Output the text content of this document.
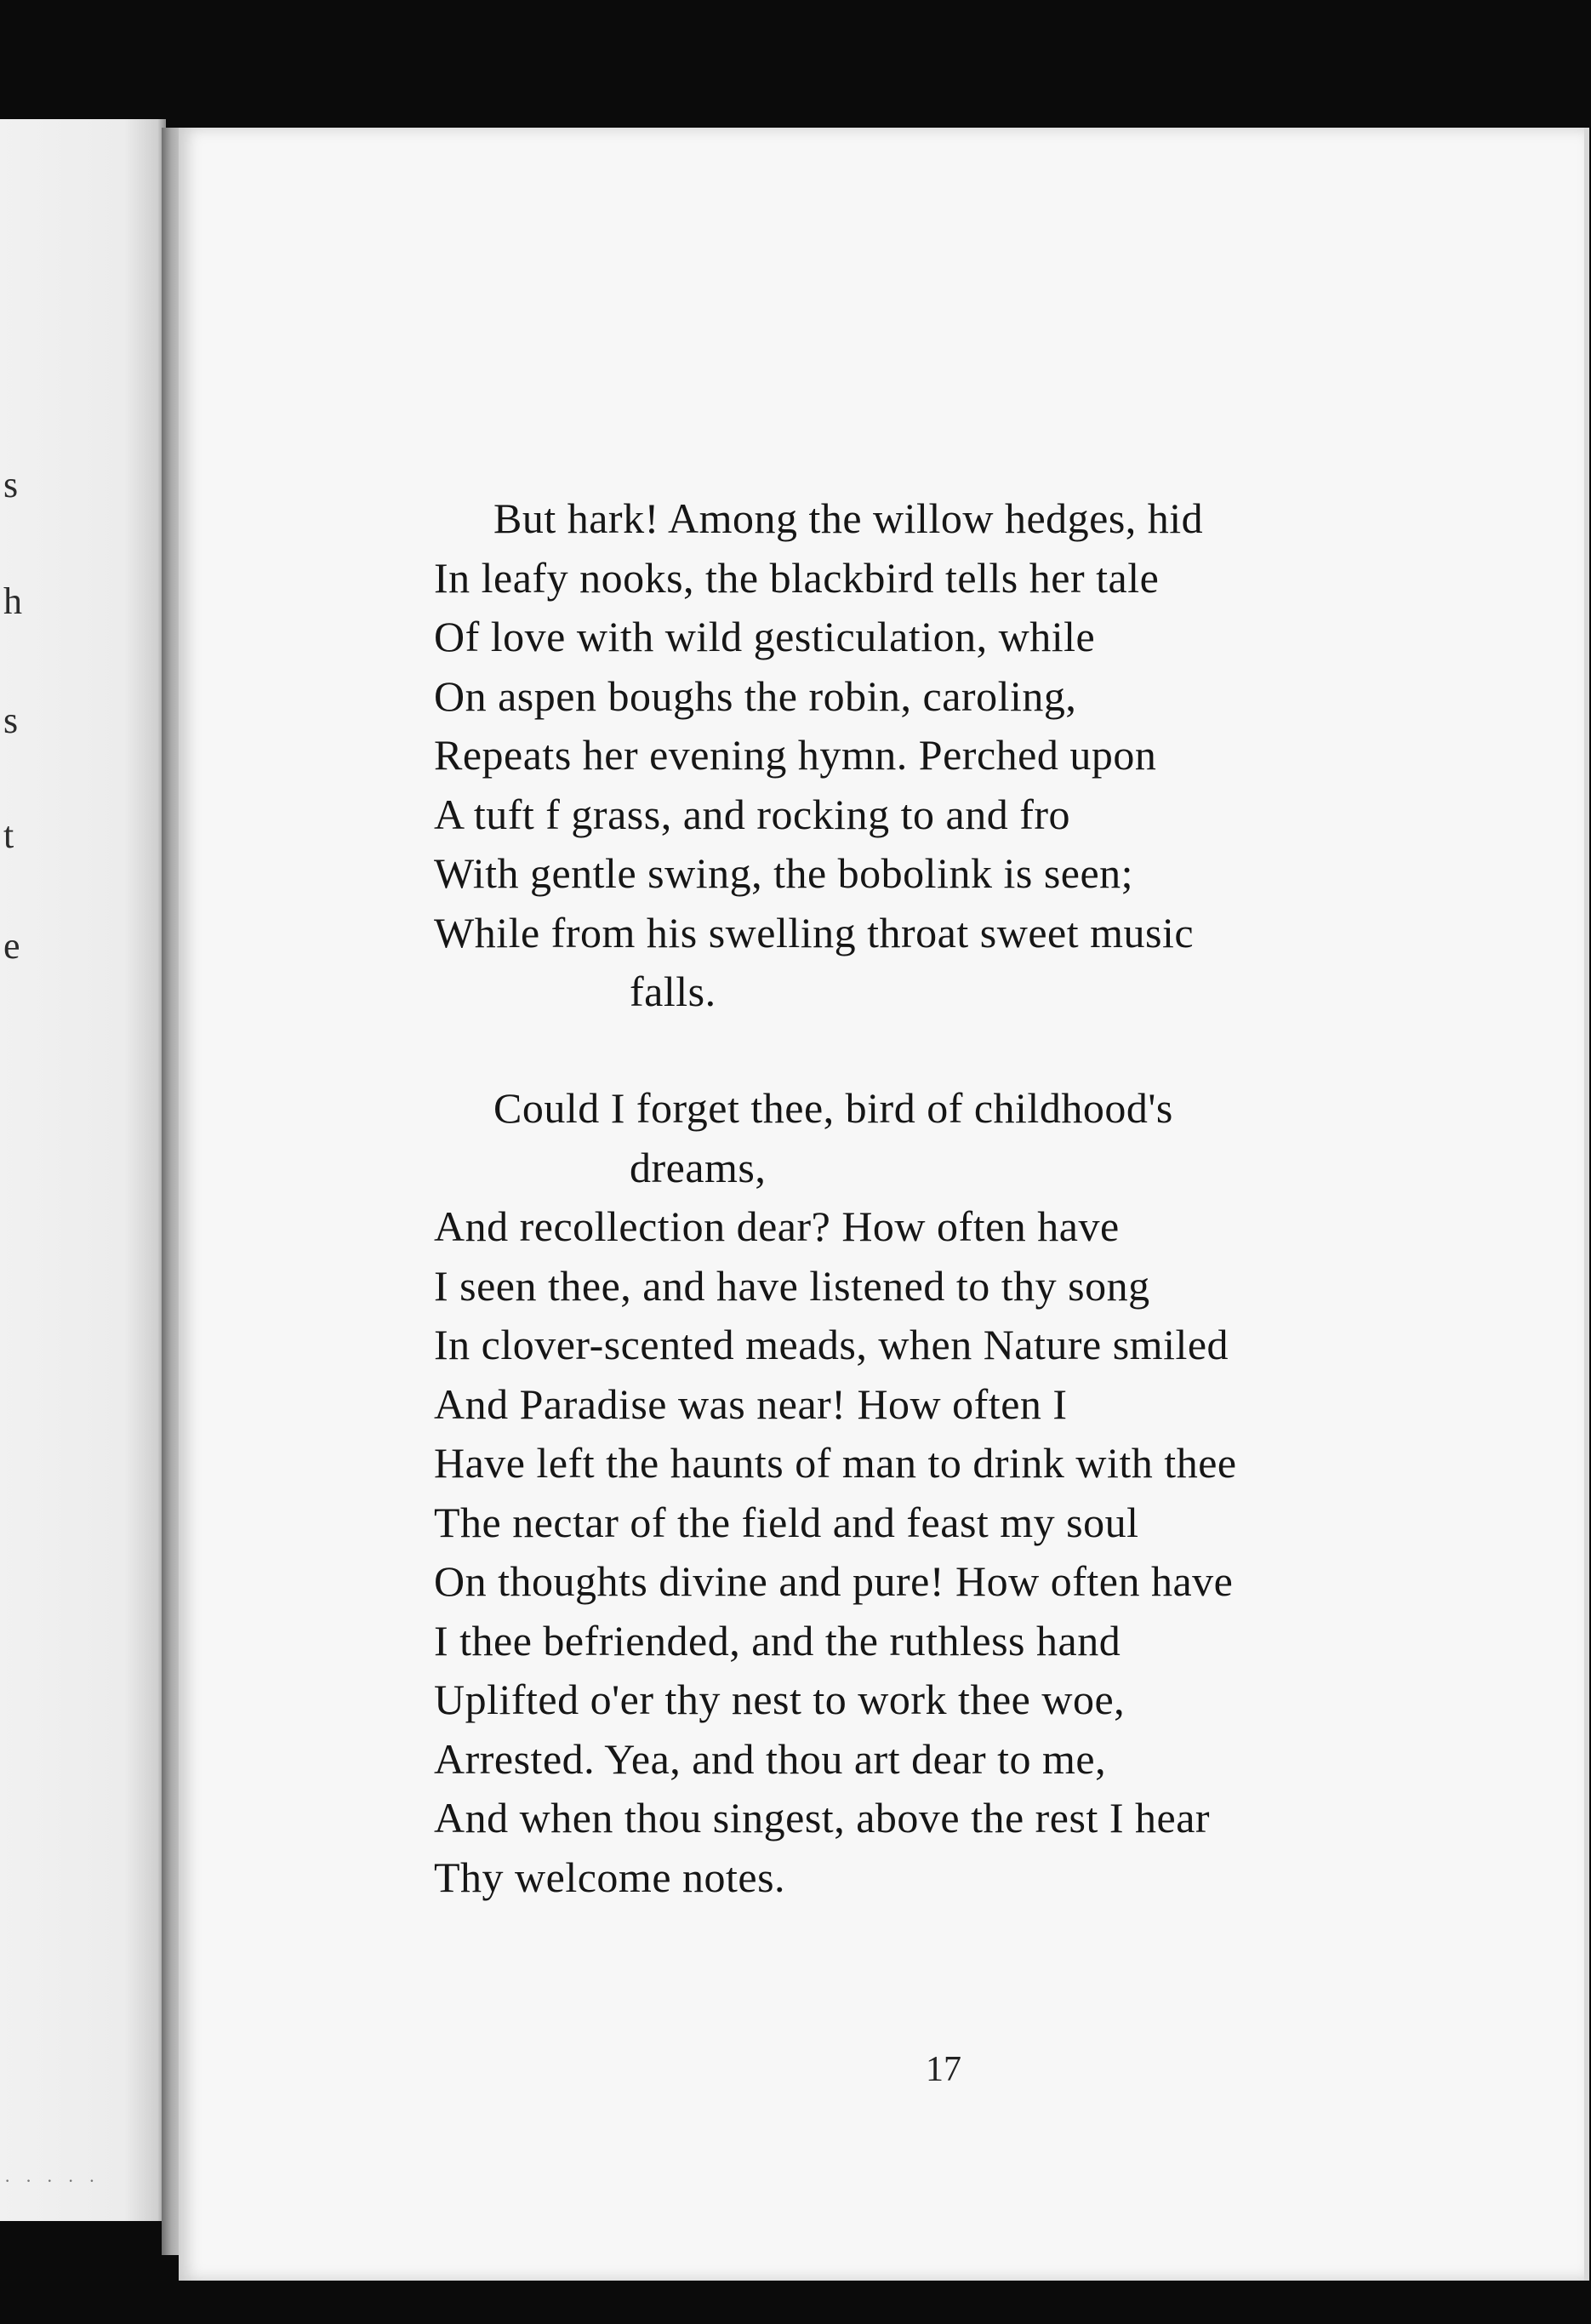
s
h
s
t
e
· · · · ·
But hark! Among the willow hedges, hid
In leafy nooks, the blackbird tells her tale
Of love with wild gesticulation, while
On aspen boughs the robin, caroling,
Repeats her evening hymn. Perched upon
A tuft f grass, and rocking to and fro
With gentle swing, the bobolink is seen;
While from his swelling throat sweet music
falls.
Could I forget thee, bird of childhood's
dreams,
And recollection dear? How often have
I seen thee, and have listened to thy song
In clover-scented meads, when Nature smiled
And Paradise was near! How often I
Have left the haunts of man to drink with thee
The nectar of the field and feast my soul
On thoughts divine and pure! How often have
I thee befriended, and the ruthless hand
Uplifted o'er thy nest to work thee woe,
Arrested. Yea, and thou art dear to me,
And when thou singest, above the rest I hear
Thy welcome notes.
17
